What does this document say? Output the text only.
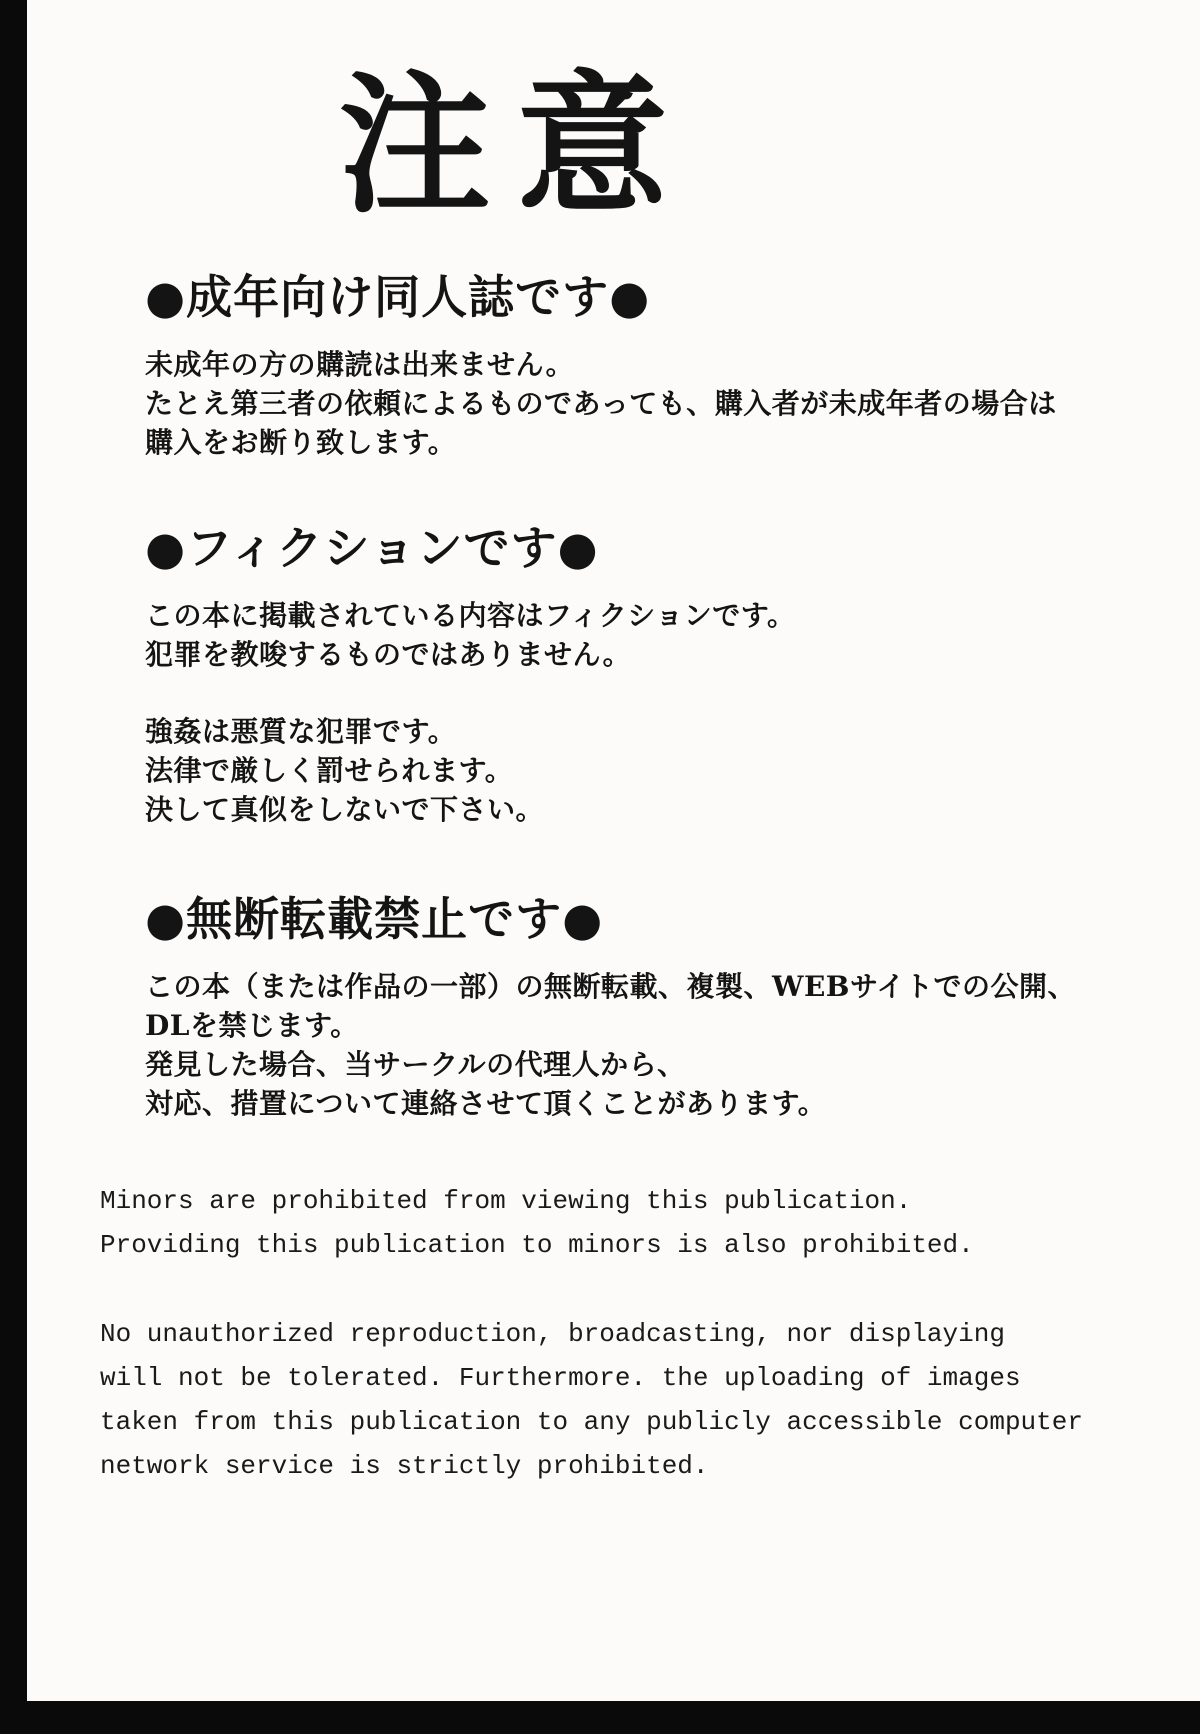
注意
●成年向け同人誌です●
未成年の方の購読は出来ません。
たとえ第三者の依頼によるものであっても、購入者が未成年者の場合は
購入をお断り致します。
●フィクションです●
この本に掲載されている内容はフィクションです。
犯罪を教唆するものではありません。
強姦は悪質な犯罪です。
法律で厳しく罰せられます。
決して真似をしないで下さい。
●無断転載禁止です●
この本（または作品の一部）の無断転載、複製、WEBサイトでの公開、
DLを禁じます。
発見した場合、当サークルの代理人から、
対応、措置について連絡させて頂くことがあります。
Minors are prohibited from viewing this publication.
Providing this publication to minors is also prohibited.
No unauthorized reproduction, broadcasting, nor displaying
will not be tolerated. Furthermore. the uploading of images
taken from this publication to any publicly accessible computer
network service is strictly prohibited.
